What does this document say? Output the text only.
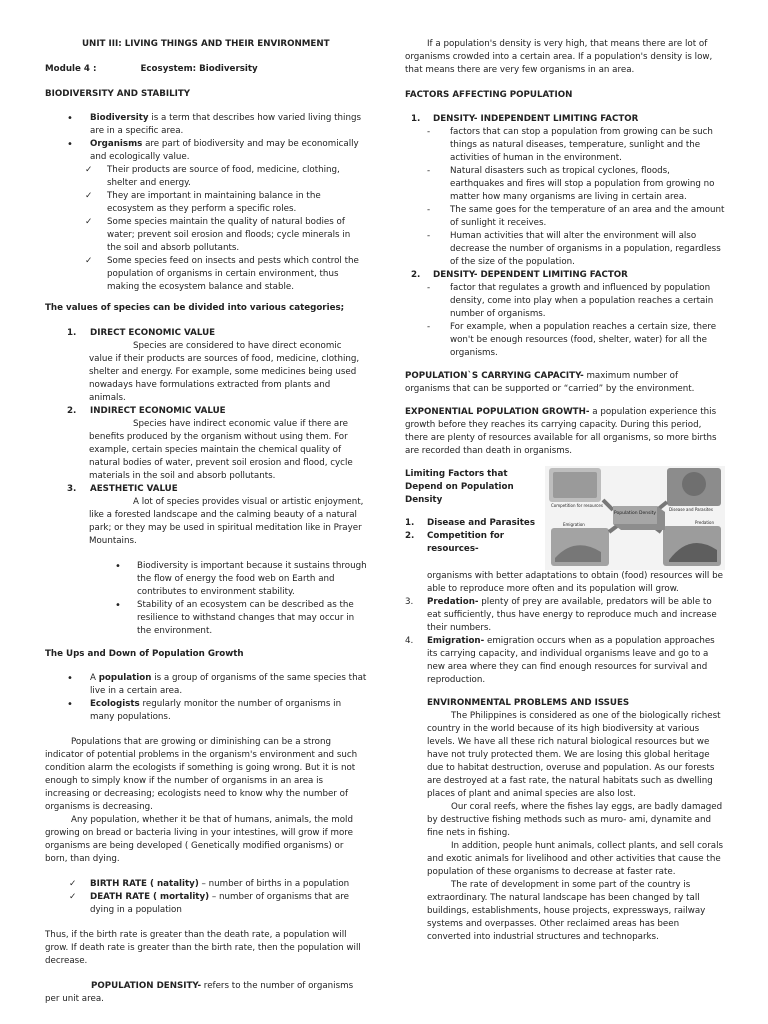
UNIT III: LIVING THINGS AND THEIR ENVIRONMENT

Module 4 :	Ecosystem: Biodiversity

BIODIVERSITY AND STABILITY

• Biodiversity is a term that describes how varied living things are in a specific area.

• Organisms are part of biodiversity and may be economically and ecologically value.

✓ Their products are source of food, medicine, clothing, shelter and energy.

✓ They are important in maintaining balance in the ecosystem as they perform a specific roles.

✓ Some species maintain the quality of natural bodies of water; prevent soil erosion and floods; cycle minerals in the soil and absorb pollutants.

✓ Some species feed on insects and pests which control the population of organisms in certain environment, thus making the ecosystem balance and stable.

The values of species can be divided into various categories;

1. DIRECT ECONOMIC VALUE

Species are considered to have direct economic value if their products are sources of food, medicine, clothing, shelter and energy. For example, some medicines being used nowadays have formulations extracted from plants and animals.

2. INDIRECT ECONOMIC VALUE

Species have indirect economic value if there are benefits produced by the organism without using them. For example, certain species maintain the chemical quality of natural bodies of water, prevent soil erosion and flood, cycle materials in the soil and absorb pollutants.

3. AESTHETIC VALUE

A lot of species provides visual or artistic enjoyment, like a forested landscape and the calming beauty of a natural park; or they may be used in spiritual meditation like in Prayer Mountains.

• Biodiversity is important because it sustains through the flow of energy the food web on Earth and contributes to environment stability.

• Stability of an ecosystem can be described as the resilience to withstand changes that may occur in the environment.

The Ups and Down of Population Growth

• A population is a group of organisms of the same species that live in a certain area.

• Ecologists regularly monitor the number of organisms in many populations.

Populations that are growing or diminishing can be a strong indicator of potential problems in the organism's environment and such condition alarm the ecologists if something is going wrong. But it is not enough to simply know if the number of organisms in an area is increasing or decreasing; ecologists need to know why the number of organisms is decreasing.

Any population, whether it be that of humans, animals, the mold growing on bread or bacteria living in your intestines, will grow if more organisms are being developed ( Genetically modified organisms) or born, than dying.

✓ BIRTH RATE ( natality) – number of births in a population

✓ DEATH RATE ( mortality) – number of organisms that are dying in a population

Thus, if the birth rate is greater than the death rate, a population will grow. If death rate is greater than the birth rate, then the population will decrease.

POPULATION DENSITY- refers to the number of organisms per unit area.

If a population's density is very high, that means there are lot of organisms crowded into a certain area. If a population's density is low, that means there are very few organisms in an area.

FACTORS AFFECTING POPULATION

1. DENSITY- INDEPENDENT LIMITING FACTOR

- factors that can stop a population from growing can be such things as natural diseases, temperature, sunlight and the activities of human in the environment.

- Natural disasters such as tropical cyclones, floods, earthquakes and fires will stop a population from growing no matter how many organisms are living in certain area.

- The same goes for the temperature of an area and the amount of sunlight it receives.

- Human activities that will alter the environment will also decrease the number of organisms in a population, regardless of the size of the population.

2. DENSITY- DEPENDENT LIMITING FACTOR

- factor that regulates a growth and influenced by population density, come into play when a population reaches a certain number of organisms.

- For example, when a population reaches a certain size, there won't be enough resources (food, shelter, water) for all the organisms.

POPULATION`S CARRYING CAPACITY- maximum number of organisms that can be supported or “carried” by the environment.

EXPONENTIAL POPULATION GROWTH- a population experience this growth before they reaches its carrying capacity. During this period, there are plenty of resources available for all organisms, so more births are recorded than death in organisms.

Limiting Factors that Depend on Population Density

1. Disease and Parasites

2. Competition for resources-

Population Density
Competition for resources
Disease and Parasites
Emigration	Predation

organisms with better adaptations to obtain (food) resources will be able to reproduce more often and its population will grow.

3. Predation- plenty of prey are available, predators will be able to eat sufficiently, thus have energy to reproduce much and increase their numbers.

4. Emigration- emigration occurs when as a population approaches its carrying capacity, and individual organisms leave and go to a new area where they can find enough resources for survival and reproduction.

ENVIRONMENTAL PROBLEMS AND ISSUES

The Philippines is considered as one of the biologically richest country in the world because of its high biodiversity at various levels. We have all these rich natural biological resources but we have not truly protected them. We are losing this global heritage due to habitat destruction, overuse and population. As our forests are destroyed at a fast rate, the natural habitats such as dwelling places of plant and animal species are also lost.

Our coral reefs, where the fishes lay eggs, are badly damaged by destructive fishing methods such as muro- ami, dynamite and fine nets in fishing.

In addition, people hunt animals, collect plants, and sell corals and exotic animals for livelihood and other activities that cause the population of these organisms to decrease at faster rate.

The rate of development in some part of the country is extraordinary. The natural landscape has been changed by tall buildings, establishments, house projects, expressways, railway systems and overpasses. Other reclaimed areas has been converted into industrial structures and technoparks.
